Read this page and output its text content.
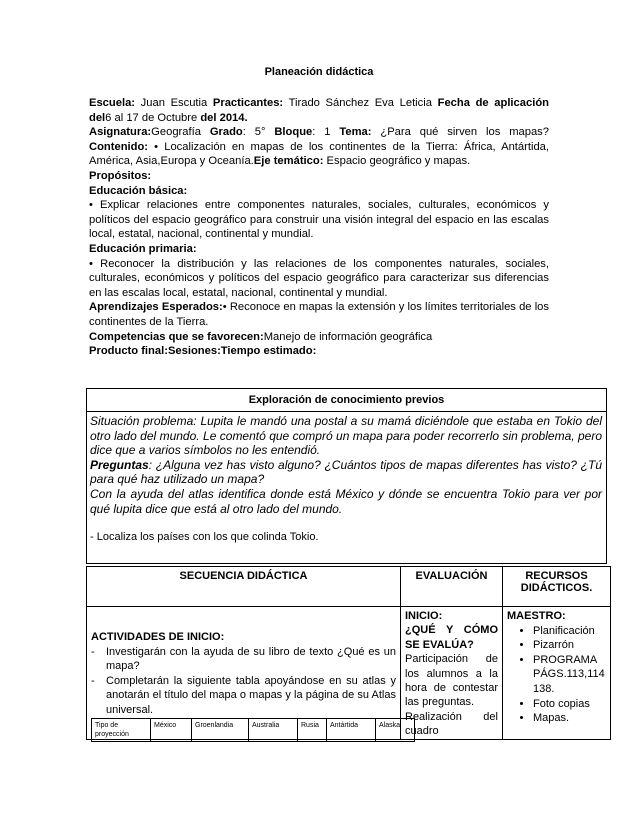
Planeación didáctica

Escuela: Juan Escutia Practicantes: Tirado Sánchez Eva Leticia Fecha de aplicación del6 al 17 de Octubre del 2014.

Asignatura:Geografía Grado: 5° Bloque: 1 Tema: ¿Para qué sirven los mapas?Contenido: • Localización en mapas de los continentes de la Tierra: África, Antártida, América, Asia,Europa y Oceanía.Eje temático: Espacio geográfico y mapas.

Propósitos:

Educación básica:

• Explicar relaciones entre componentes naturales, sociales, culturales, económicos y políticos del espacio geográfico para construir una visión integral del espacio en las escalas local, estatal, nacional, continental y mundial.

Educación primaria:

• Reconocer la distribución y las relaciones de los componentes naturales, sociales, culturales, económicos y políticos del espacio geográfico para caracterizar sus diferencias en las escalas local, estatal, nacional, continental y mundial.

Aprendizajes Esperados:• Reconoce en mapas la extensión y los límites territoriales de los continentes de la Tierra.

Competencias que se favorecen:Manejo de información geográfica

Producto final:Sesiones:Tiempo estimado:

Exploración de conocimiento previos

Situación problema: Lupita le mandó una postal a su mamá diciéndole que estaba en Tokio del otro lado del mundo. Le comentó que compró un mapa para poder recorrerlo sin problema, pero dice que a varios símbolos no les entendió.

Preguntas: ¿Alguna vez has visto alguno? ¿Cuántos tipos de mapas diferentes has visto? ¿Tú para qué haz utilizado un mapa?

Con la ayuda del atlas identifica donde está México y dónde se encuentra Tokio para ver por qué lupita dice que está al otro lado del mundo.

- Localiza los países con los que colinda Tokio.

SECUENCIA DIDÁCTICA	EVALUACIÓN	RECURSOS DIDÁCTICOS.

ACTIVIDADES DE INICIO:
- Investigarán con la ayuda de su libro de texto ¿Qué es un mapa?
- Completarán la siguiente tabla apoyándose en su atlas y anotarán el título del mapa o mapas y la página de su Atlas universal.
Tipo de proyección	México	Groenlandia	Australia	Rusia	Antártida	Alaska

INICIO:
¿QUÉ Y CÓMO SE EVALÚA?
Participación de los alumnos a la hora de contestar las preguntas.
Realización del cuadro

MAESTRO:
• Planificación
• Pizarrón
• PROGRAMA PÁGS.113,114 138.
• Foto copias
• Mapas.
